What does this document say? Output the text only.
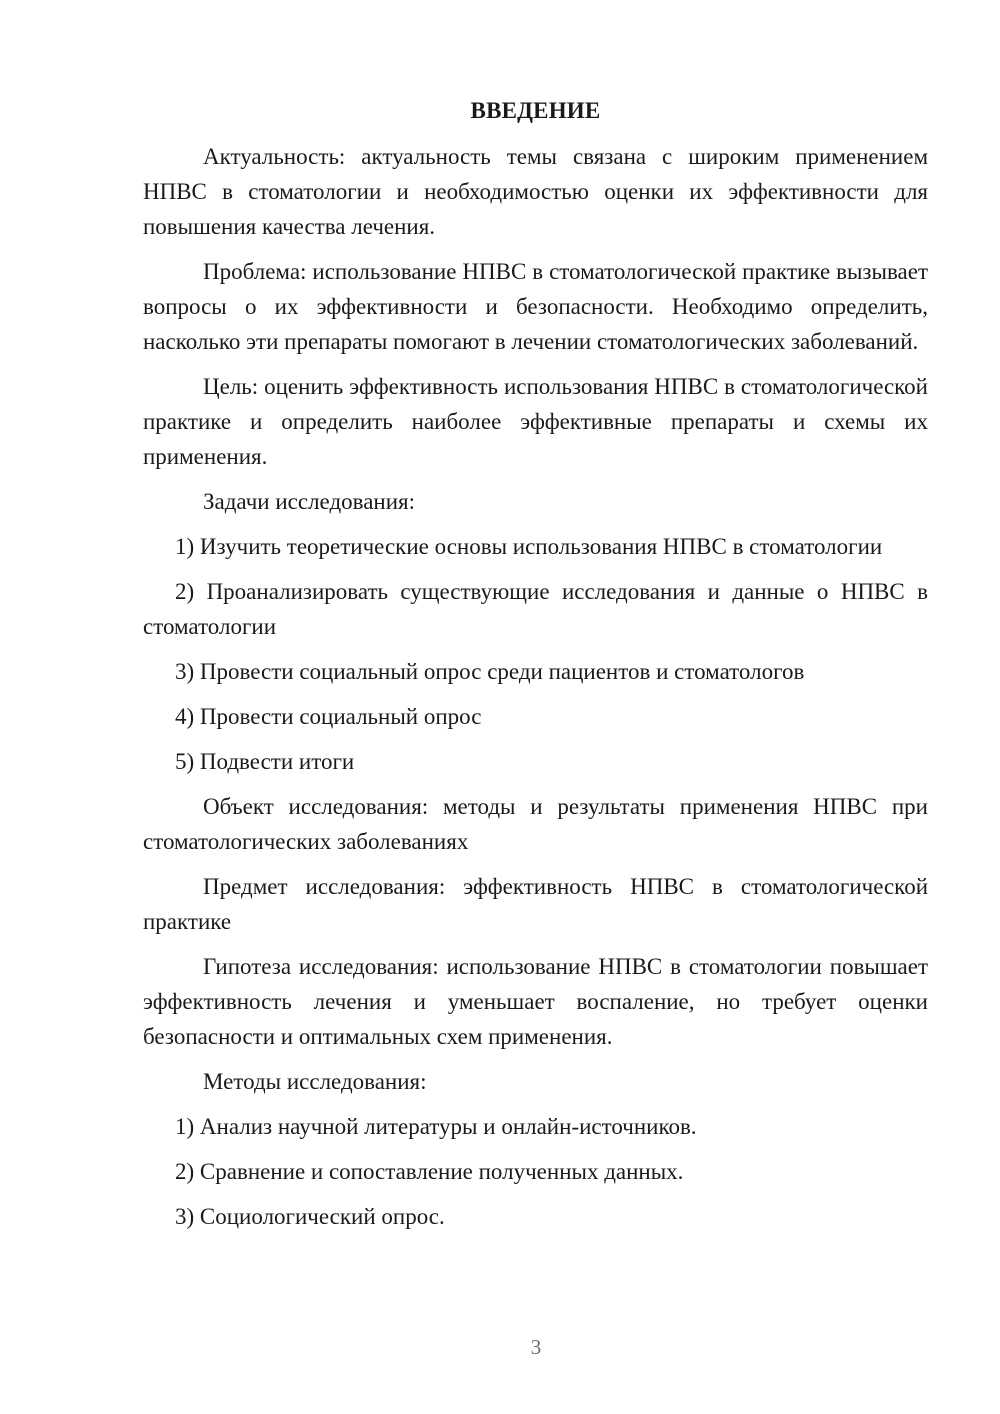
ВВЕДЕНИЕ

Актуальность: актуальность темы связана с широким применением НПВС в стоматологии и необходимостью оценки их эффективности для повышения качества лечения.

Проблема: использование НПВС в стоматологической практике вызывает вопросы о их эффективности и безопасности. Необходимо определить, насколько эти препараты помогают в лечении стоматологических заболеваний.

Цель: оценить эффективность использования НПВС в стоматологической практике и определить наиболее эффективные препараты и схемы их применения.

Задачи исследования:

1) Изучить теоретические основы использования НПВС в стоматологии

2) Проанализировать существующие исследования и данные о НПВС в стоматологии

3) Провести социальный опрос среди пациентов и стоматологов

4) Провести социальный опрос

5) Подвести итоги

Объект исследования: методы и результаты применения НПВС при стоматологических заболеваниях

Предмет исследования: эффективность НПВС в стоматологической практике

Гипотеза исследования: использование НПВС в стоматологии повышает эффективность лечения и уменьшает воспаление, но требует оценки безопасности и оптимальных схем применения.

Методы исследования:

1) Анализ научной литературы и онлайн-источников.

2) Сравнение и сопоставление полученных данных.

3) Социологический опрос.

3
